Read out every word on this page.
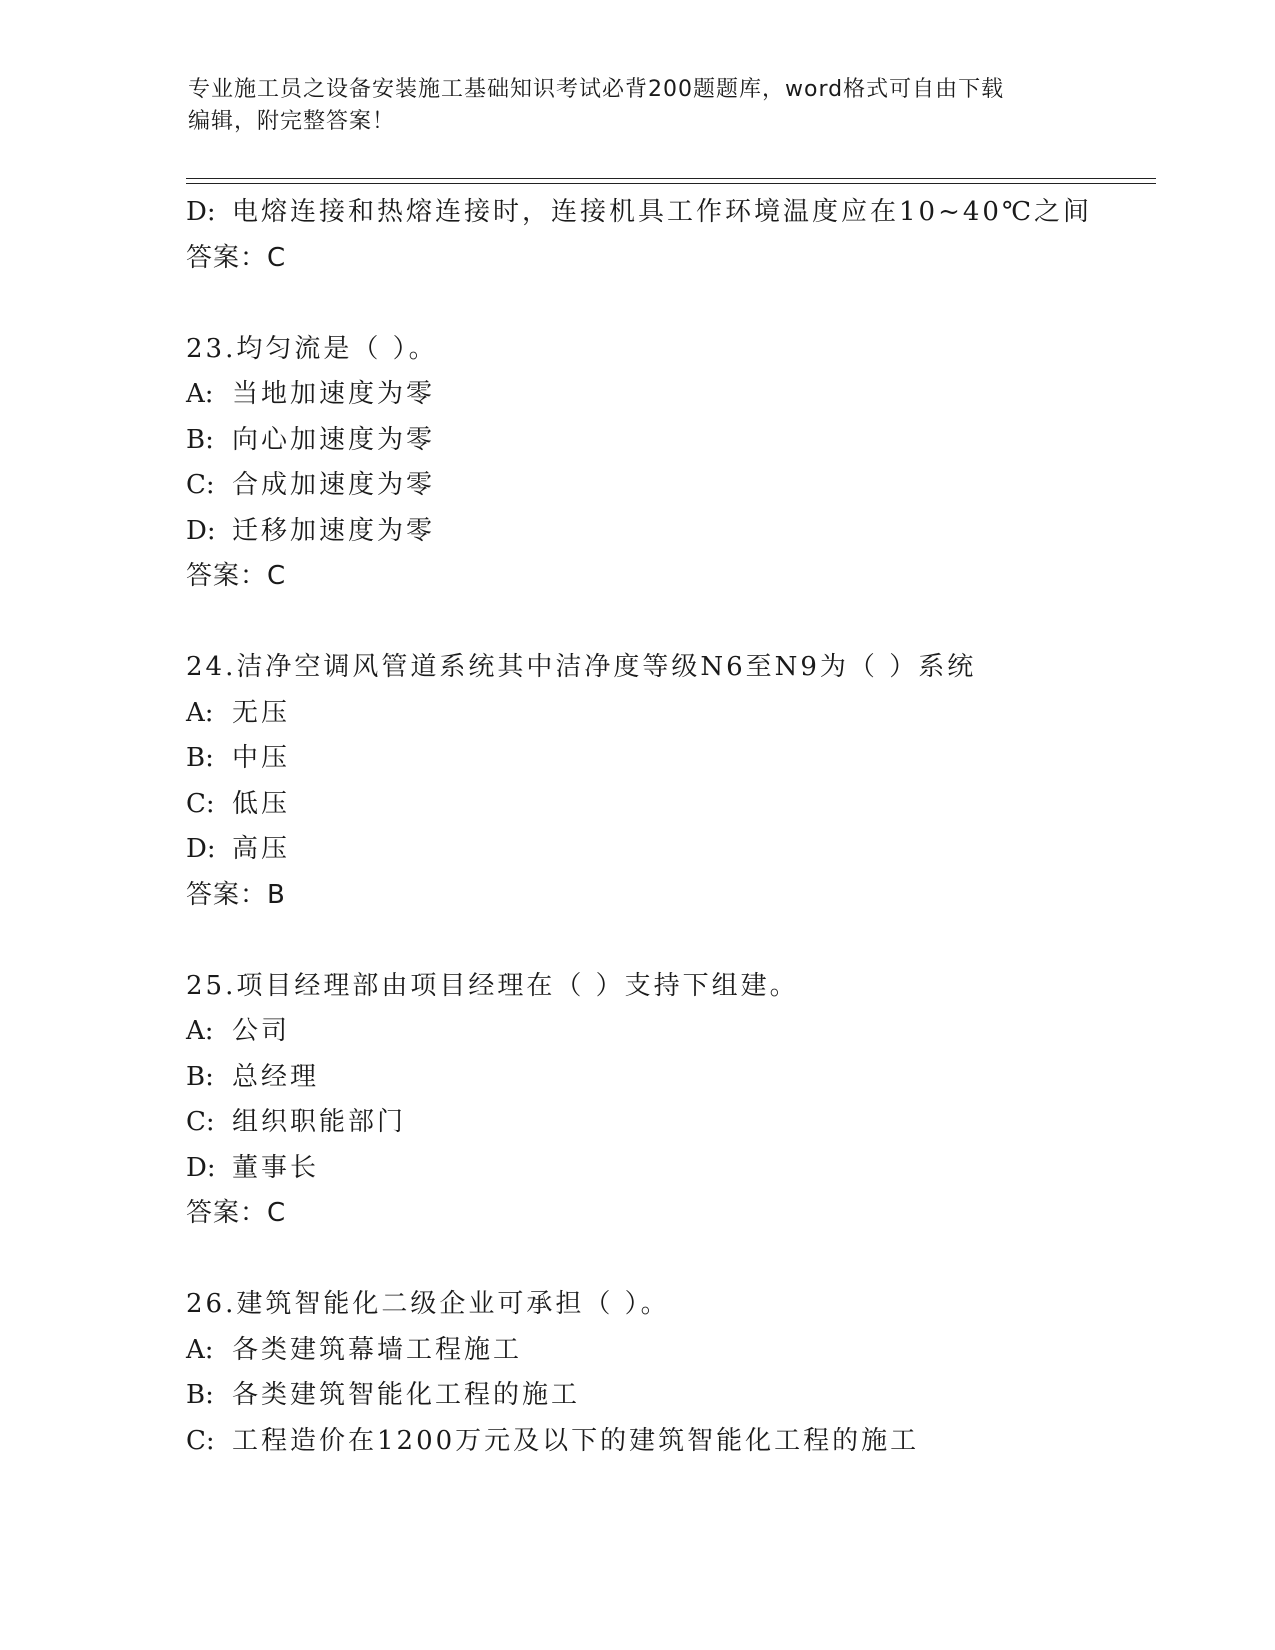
专业施工员之设备安装施工基础知识考试必背200题题库，word格式可自由下载
编辑，附完整答案！
D: 电熔连接和热熔连接时，连接机具工作环境温度应在10~40℃之间
答案：C
23.均匀流是（ ）。
A: 当地加速度为零
B: 向心加速度为零
C: 合成加速度为零
D: 迁移加速度为零
答案：C
24.洁净空调风管道系统其中洁净度等级N6至N9为（ ）系统
A: 无压
B: 中压
C: 低压
D: 高压
答案：B
25.项目经理部由项目经理在（ ）支持下组建。
A: 公司
B: 总经理
C: 组织职能部门
D: 董事长
答案：C
26.建筑智能化二级企业可承担（ ）。
A: 各类建筑幕墙工程施工
B: 各类建筑智能化工程的施工
C: 工程造价在1200万元及以下的建筑智能化工程的施工
